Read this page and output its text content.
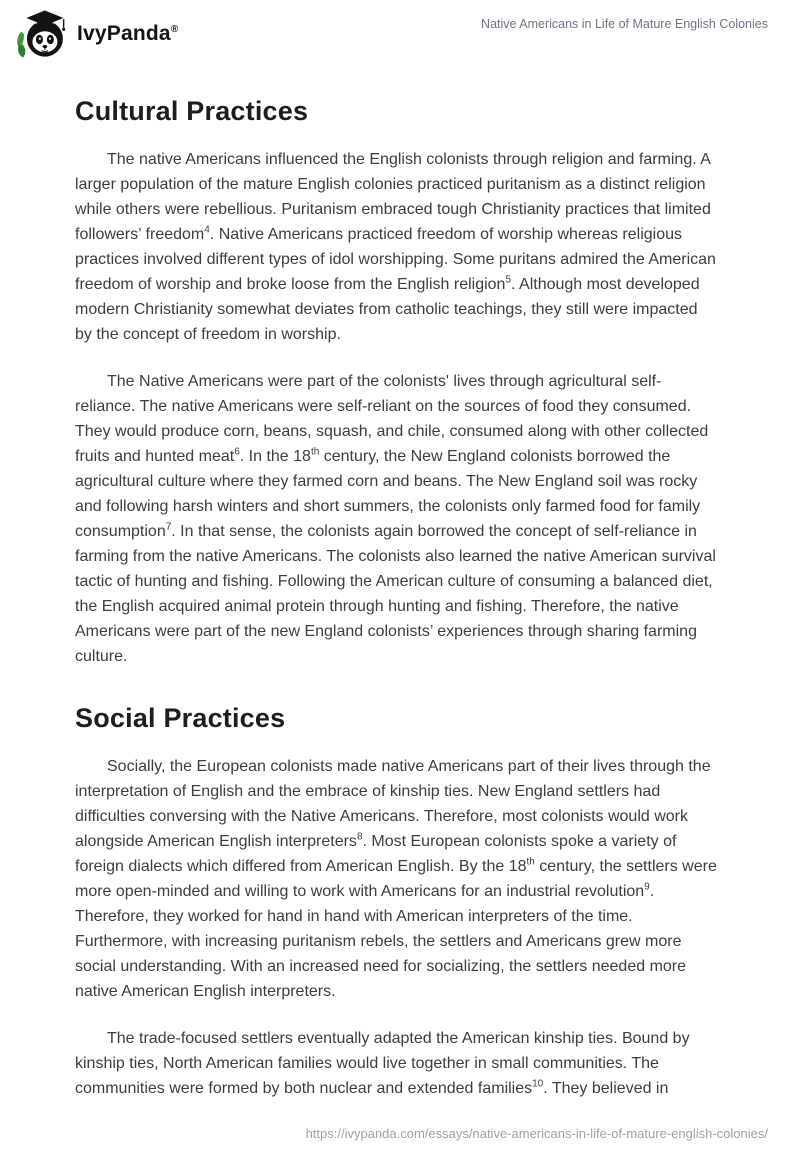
IvyPanda®	Native Americans in Life of Mature English Colonies
Cultural Practices

The native Americans influenced the English colonists through religion and farming. A larger population of the mature English colonies practiced puritanism as a distinct religion while others were rebellious. Puritanism embraced tough Christianity practices that limited followers’ freedom$^4$. Native Americans practiced freedom of worship whereas religious practices involved different types of idol worshipping. Some puritans admired the American freedom of worship and broke loose from the English religion$^5$. Although most developed modern Christianity somewhat deviates from catholic teachings, they still were impacted by the concept of freedom in worship.

The Native Americans were part of the colonists' lives through agricultural self-reliance. The native Americans were self-reliant on the sources of food they consumed. They would produce corn, beans, squash, and chile, consumed along with other collected fruits and hunted meat$^6$. In the 18th century, the New England colonists borrowed the agricultural culture where they farmed corn and beans. The New England soil was rocky and following harsh winters and short summers, the colonists only farmed food for family consumption$^7$. In that sense, the colonists again borrowed the concept of self-reliance in farming from the native Americans. The colonists also learned the native American survival tactic of hunting and fishing. Following the American culture of consuming a balanced diet, the English acquired animal protein through hunting and fishing. Therefore, the native Americans were part of the new England colonists’ experiences through sharing farming culture.

Social Practices

Socially, the European colonists made native Americans part of their lives through the interpretation of English and the embrace of kinship ties. New England settlers had difficulties conversing with the Native Americans. Therefore, most colonists would work alongside American English interpreters$^8$. Most European colonists spoke a variety of foreign dialects which differed from American English. By the 18th century, the settlers were more open-minded and willing to work with Americans for an industrial revolution$^9$. Therefore, they worked for hand in hand with American interpreters of the time. Furthermore, with increasing puritanism rebels, the settlers and Americans grew more social understanding. With an increased need for socializing, the settlers needed more native American English interpreters.

The trade-focused settlers eventually adapted the American kinship ties. Bound by kinship ties, North American families would live together in small communities. The communities were formed by both nuclear and extended families$^{10}$. They believed in

https://ivypanda.com/essays/native-americans-in-life-of-mature-english-colonies/
